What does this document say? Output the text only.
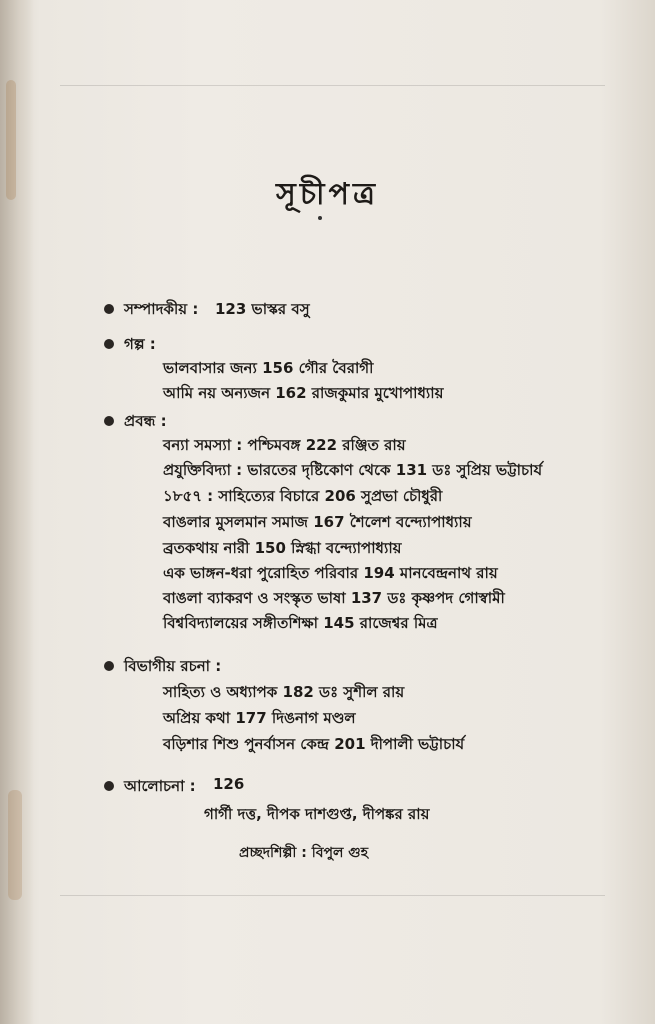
সূচীপত্র
সম্পাদকীয় : 123 ভাস্কর বসু
গল্প :
ভালবাসার জন্য 156 গৌর বৈরাগী
আমি নয় অন্যজন 162 রাজকুমার মুখোপাধ্যায়
প্রবন্ধ :
বন্যা সমস্যা : পশ্চিমবঙ্গ 222 রঞ্জিত রায়
প্রযুক্তিবিদ্যা : ভারতের দৃষ্টিকোণ থেকে 131 ডঃ সুপ্রিয় ভট্টাচার্য
১৮৫৭ : সাহিত্যের বিচারে 206 সুপ্রভা চৌধুরী
বাঙলার মুসলমান সমাজ 167 শৈলেশ বন্দ্যোপাধ্যায়
ব্রতকথায় নারী 150 স্নিগ্ধা বন্দ্যোপাধ্যায়
এক ভাঙ্গন-ধরা পুরোহিত পরিবার 194 মানবেন্দ্রনাথ রায়
বাঙলা ব্যাকরণ ও সংস্কৃত ভাষা 137 ডঃ কৃষ্ণপদ গোস্বামী
বিশ্ববিদ্যালয়ের সঙ্গীতশিক্ষা 145 রাজেশ্বর মিত্র
বিভাগীয় রচনা :
সাহিত্য ও অধ্যাপক 182 ডঃ সুশীল রায়
অপ্রিয় কথা 177 দিঙনাগ মণ্ডল
বড়িশার শিশু পুনর্বাসন কেন্দ্র 201 দীপালী ভট্টাচার্য
আলোচনা : 126
গার্গী দত্ত, দীপক দাশগুপ্ত, দীপঙ্কর রায়
প্রচ্ছদশিল্পী : বিপুল গুহ
